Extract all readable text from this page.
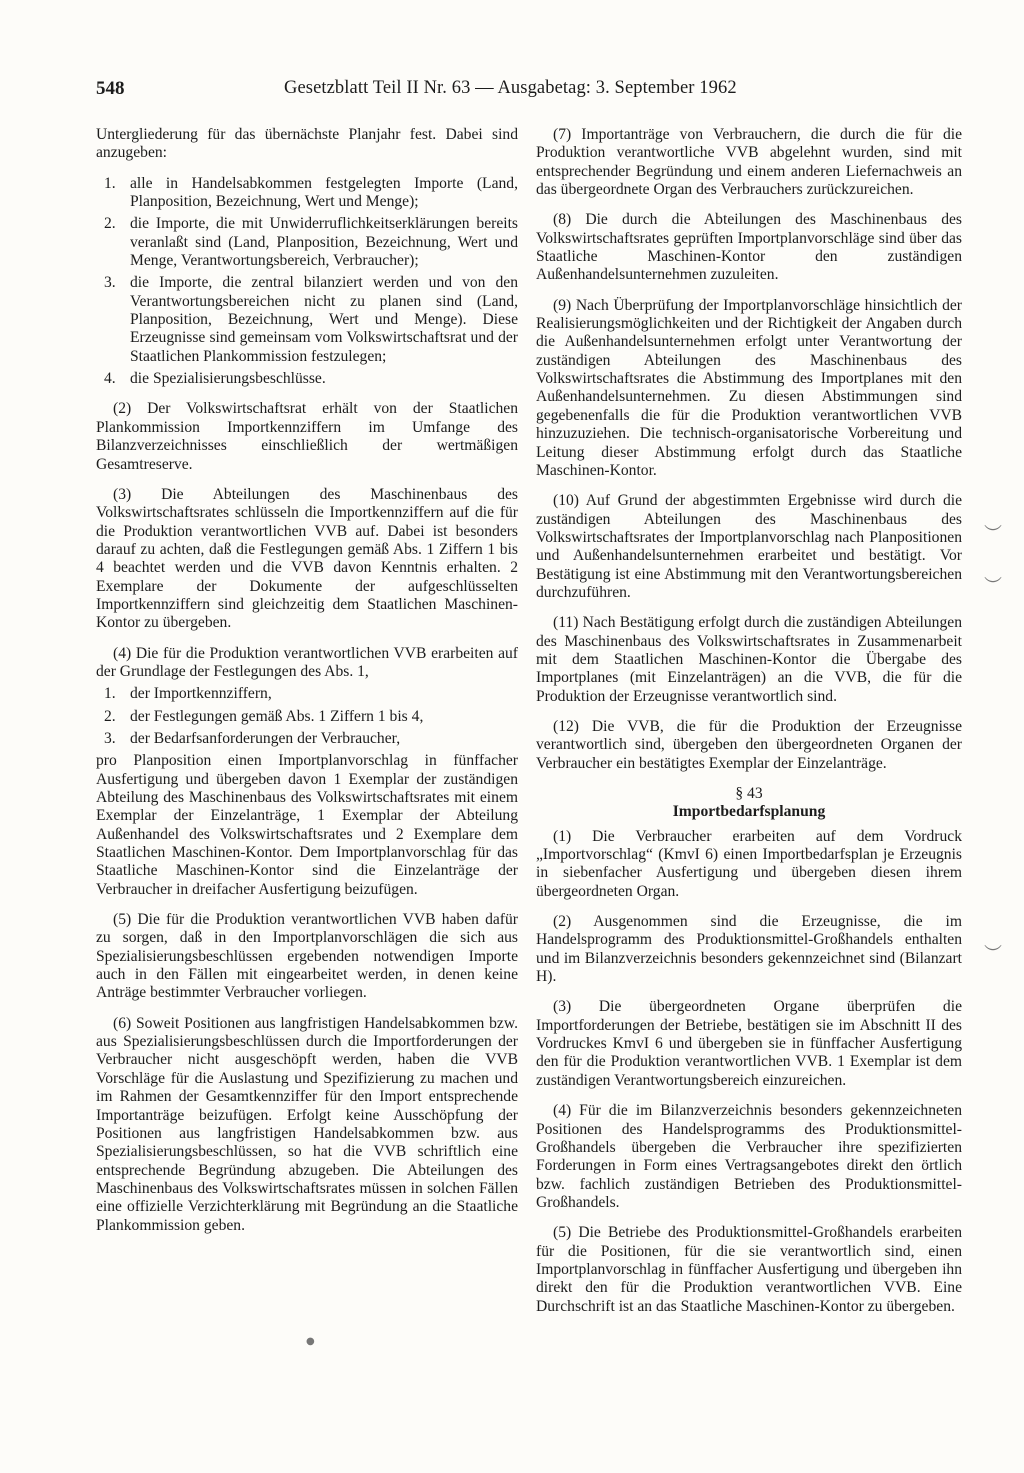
548	Gesetzblatt Teil II Nr. 63 — Ausgabetag: 3. September 1962

Untergliederung für das übernächste Planjahr fest. Dabei sind anzugeben:

1. alle in Handelsabkommen festgelegten Importe (Land, Planposition, Bezeichnung, Wert und Menge);
2. die Importe, die mit Unwiderruflichkeitserklärungen bereits veranlaßt sind (Land, Planposition, Bezeichnung, Wert und Menge, Verantwortungsbereich, Verbraucher);
3. die Importe, die zentral bilanziert werden und von den Verantwortungsbereichen nicht zu planen sind (Land, Planposition, Bezeichnung, Wert und Menge). Diese Erzeugnisse sind gemeinsam vom Volkswirtschaftsrat und der Staatlichen Plankommission festzulegen;
4. die Spezialisierungsbeschlüsse.

(2) Der Volkswirtschaftsrat erhält von der Staatlichen Plankommission Importkennziffern im Umfange des Bilanzverzeichnisses einschließlich der wertmäßigen Gesamtreserve.

(3) Die Abteilungen des Maschinenbaus des Volkswirtschaftsrates schlüsseln die Importkennziffern auf die für die Produktion verantwortlichen VVB auf. Dabei ist besonders darauf zu achten, daß die Festlegungen gemäß Abs. 1 Ziffern 1 bis 4 beachtet werden und die VVB davon Kenntnis erhalten. 2 Exemplare der Dokumente der aufgeschlüsselten Importkennziffern sind gleichzeitig dem Staatlichen Maschinen-Kontor zu übergeben.

(4) Die für die Produktion verantwortlichen VVB erarbeiten auf der Grundlage der Festlegungen des Abs. 1,

1. der Importkennziffern,
2. der Festlegungen gemäß Abs. 1 Ziffern 1 bis 4,
3. der Bedarfsanforderungen der Verbraucher,

pro Planposition einen Importplanvorschlag in fünffacher Ausfertigung und übergeben davon 1 Exemplar der zuständigen Abteilung des Maschinenbaus des Volkswirtschaftsrates mit einem Exemplar der Einzelanträge, 1 Exemplar der Abteilung Außenhandel des Volkswirtschaftsrates und 2 Exemplare dem Staatlichen Maschinen-Kontor. Dem Importplanvorschlag für das Staatliche Maschinen-Kontor sind die Einzelanträge der Verbraucher in dreifacher Ausfertigung beizufügen.

(5) Die für die Produktion verantwortlichen VVB haben dafür zu sorgen, daß in den Importplanvorschlägen die sich aus Spezialisierungsbeschlüssen ergebenden notwendigen Importe auch in den Fällen mit eingearbeitet werden, in denen keine Anträge bestimmter Verbraucher vorliegen.

(6) Soweit Positionen aus langfristigen Handelsabkommen bzw. aus Spezialisierungsbeschlüssen durch die Importforderungen der Verbraucher nicht ausgeschöpft werden, haben die VVB Vorschläge für die Auslastung und Spezifizierung zu machen und im Rahmen der Gesamtkennziffer für den Import entsprechende Importanträge beizufügen. Erfolgt keine Ausschöpfung der Positionen aus langfristigen Handelsabkommen bzw. aus Spezialisierungsbeschlüssen, so hat die VVB schriftlich eine entsprechende Begründung abzugeben. Die Abteilungen des Maschinenbaus des Volkswirtschaftsrates müssen in solchen Fällen eine offizielle Verzichterklärung mit Begründung an die Staatliche Plankommission geben.

(7) Importanträge von Verbrauchern, die durch die für die Produktion verantwortliche VVB abgelehnt wurden, sind mit entsprechender Begründung und einem anderen Liefernachweis an das übergeordnete Organ des Verbrauchers zurückzureichen.

(8) Die durch die Abteilungen des Maschinenbaus des Volkswirtschaftsrates geprüften Importplanvorschläge sind über das Staatliche Maschinen-Kontor den zuständigen Außenhandelsunternehmen zuzuleiten.

(9) Nach Überprüfung der Importplanvorschläge hinsichtlich der Realisierungsmöglichkeiten und der Richtigkeit der Angaben durch die Außenhandelsunternehmen erfolgt unter Verantwortung der zuständigen Abteilungen des Maschinenbaus des Volkswirtschaftsrates die Abstimmung des Importplanes mit den Außenhandelsunternehmen. Zu diesen Abstimmungen sind gegebenenfalls die für die Produktion verantwortlichen VVB hinzuzuziehen. Die technisch-organisatorische Vorbereitung und Leitung dieser Abstimmung erfolgt durch das Staatliche Maschinen-Kontor.

(10) Auf Grund der abgestimmten Ergebnisse wird durch die zuständigen Abteilungen des Maschinenbaus des Volkswirtschaftsrates der Importplanvorschlag nach Planpositionen und Außenhandelsunternehmen erarbeitet und bestätigt. Vor Bestätigung ist eine Abstimmung mit den Verantwortungsbereichen durchzuführen.

(11) Nach Bestätigung erfolgt durch die zuständigen Abteilungen des Maschinenbaus des Volkswirtschaftsrates in Zusammenarbeit mit dem Staatlichen Maschinen-Kontor die Übergabe des Importplanes (mit Einzelanträgen) an die VVB, die für die Produktion der Erzeugnisse verantwortlich sind.

(12) Die VVB, die für die Produktion der Erzeugnisse verantwortlich sind, übergeben den übergeordneten Organen der Verbraucher ein bestätigtes Exemplar der Einzelanträge.

§ 43
Importbedarfsplanung

(1) Die Verbraucher erarbeiten auf dem Vordruck „Importvorschlag“ (KmvI 6) einen Importbedarfsplan je Erzeugnis in siebenfacher Ausfertigung und übergeben diesen ihrem übergeordneten Organ.

(2) Ausgenommen sind die Erzeugnisse, die im Handelsprogramm des Produktionsmittel-Großhandels enthalten und im Bilanzverzeichnis besonders gekennzeichnet sind (Bilanzart H).

(3) Die übergeordneten Organe überprüfen die Importforderungen der Betriebe, bestätigen sie im Abschnitt II des Vordruckes KmvI 6 und übergeben sie in fünffacher Ausfertigung den für die Produktion verantwortlichen VVB. 1 Exemplar ist dem zuständigen Verantwortungsbereich einzureichen.

(4) Für die im Bilanzverzeichnis besonders gekennzeichneten Positionen des Handelsprogramms des Produktionsmittel-Großhandels übergeben die Verbraucher ihre spezifizierten Forderungen in Form eines Vertragsangebotes direkt den örtlich bzw. fachlich zuständigen Betrieben des Produktionsmittel-Großhandels.

(5) Die Betriebe des Produktionsmittel-Großhandels erarbeiten für die Positionen, für die sie verantwortlich sind, einen Importplanvorschlag in fünffacher Ausfertigung und übergeben ihn direkt den für die Produktion verantwortlichen VVB. Eine Durchschrift ist an das Staatliche Maschinen-Kontor zu übergeben.

︶
︶
︶
●
